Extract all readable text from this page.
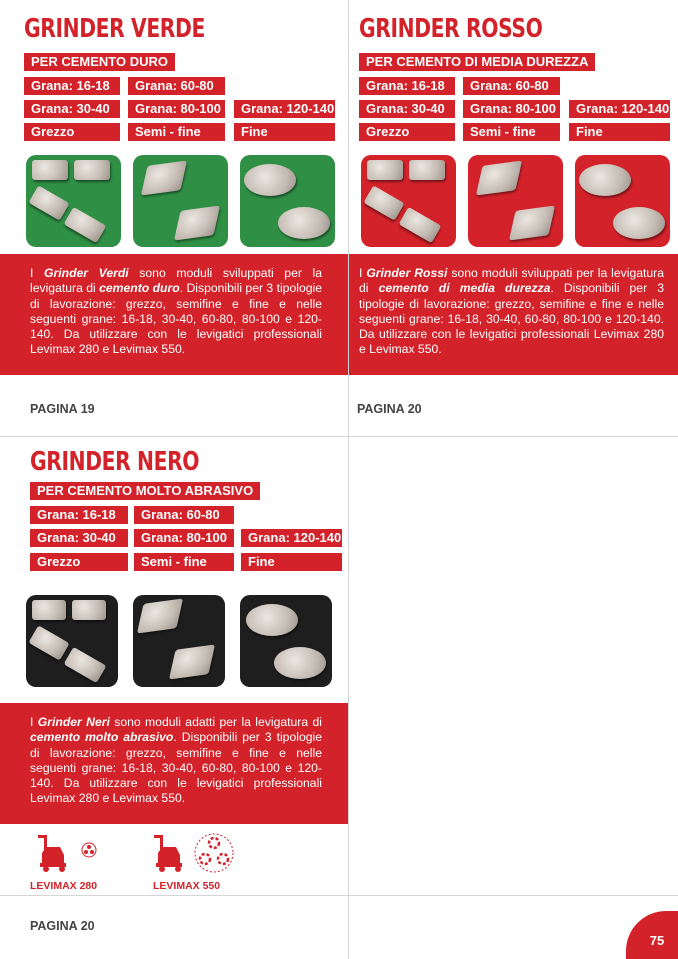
GRINDER VERDE
PER CEMENTO DURO
Grana: 16-18	Grana: 60-80
Grana: 30-40	Grana: 80-100	Grana: 120-140
Grezzo	Semi - fine	Fine
I Grinder Verdi sono moduli sviluppati per la levigatura di cemento duro. Disponibili per 3 tipologie di lavorazione: grezzo, semifine e fine e nelle seguenti grane: 16-18, 30-40, 60-80, 80-100 e 120-140. Da utilizzare con le levigatici professionali Levimax 280 e Levimax 550.
PAGINA 19
GRINDER ROSSO
PER CEMENTO DI MEDIA DUREZZA
Grana: 16-18	Grana: 60-80
Grana: 30-40	Grana: 80-100	Grana: 120-140
Grezzo	Semi - fine	Fine
I Grinder Rossi sono moduli sviluppati per la levigatura di cemento di media durezza. Disponibili per 3 tipologie di lavorazione: grezzo, semifine e fine e nelle seguenti grane: 16-18, 30-40, 60-80, 80-100 e 120-140. Da utilizzare con le levigatici professionali Levimax 280 e Levimax 550.
PAGINA 20
GRINDER NERO
PER CEMENTO MOLTO ABRASIVO
Grana: 16-18	Grana: 60-80
Grana: 30-40	Grana: 80-100	Grana: 120-140
Grezzo	Semi - fine	Fine
I Grinder Neri sono moduli adatti per la levigatura di cemento molto abrasivo. Disponibili per 3 tipologie di lavorazione: grezzo, semifine e fine e nelle seguenti grane: 16-18, 30-40, 60-80, 80-100 e 120-140. Da utilizzare con le levigatici professionali Levimax 280 e Levimax 550.
LEVIMAX 280	LEVIMAX 550
PAGINA 20
75
